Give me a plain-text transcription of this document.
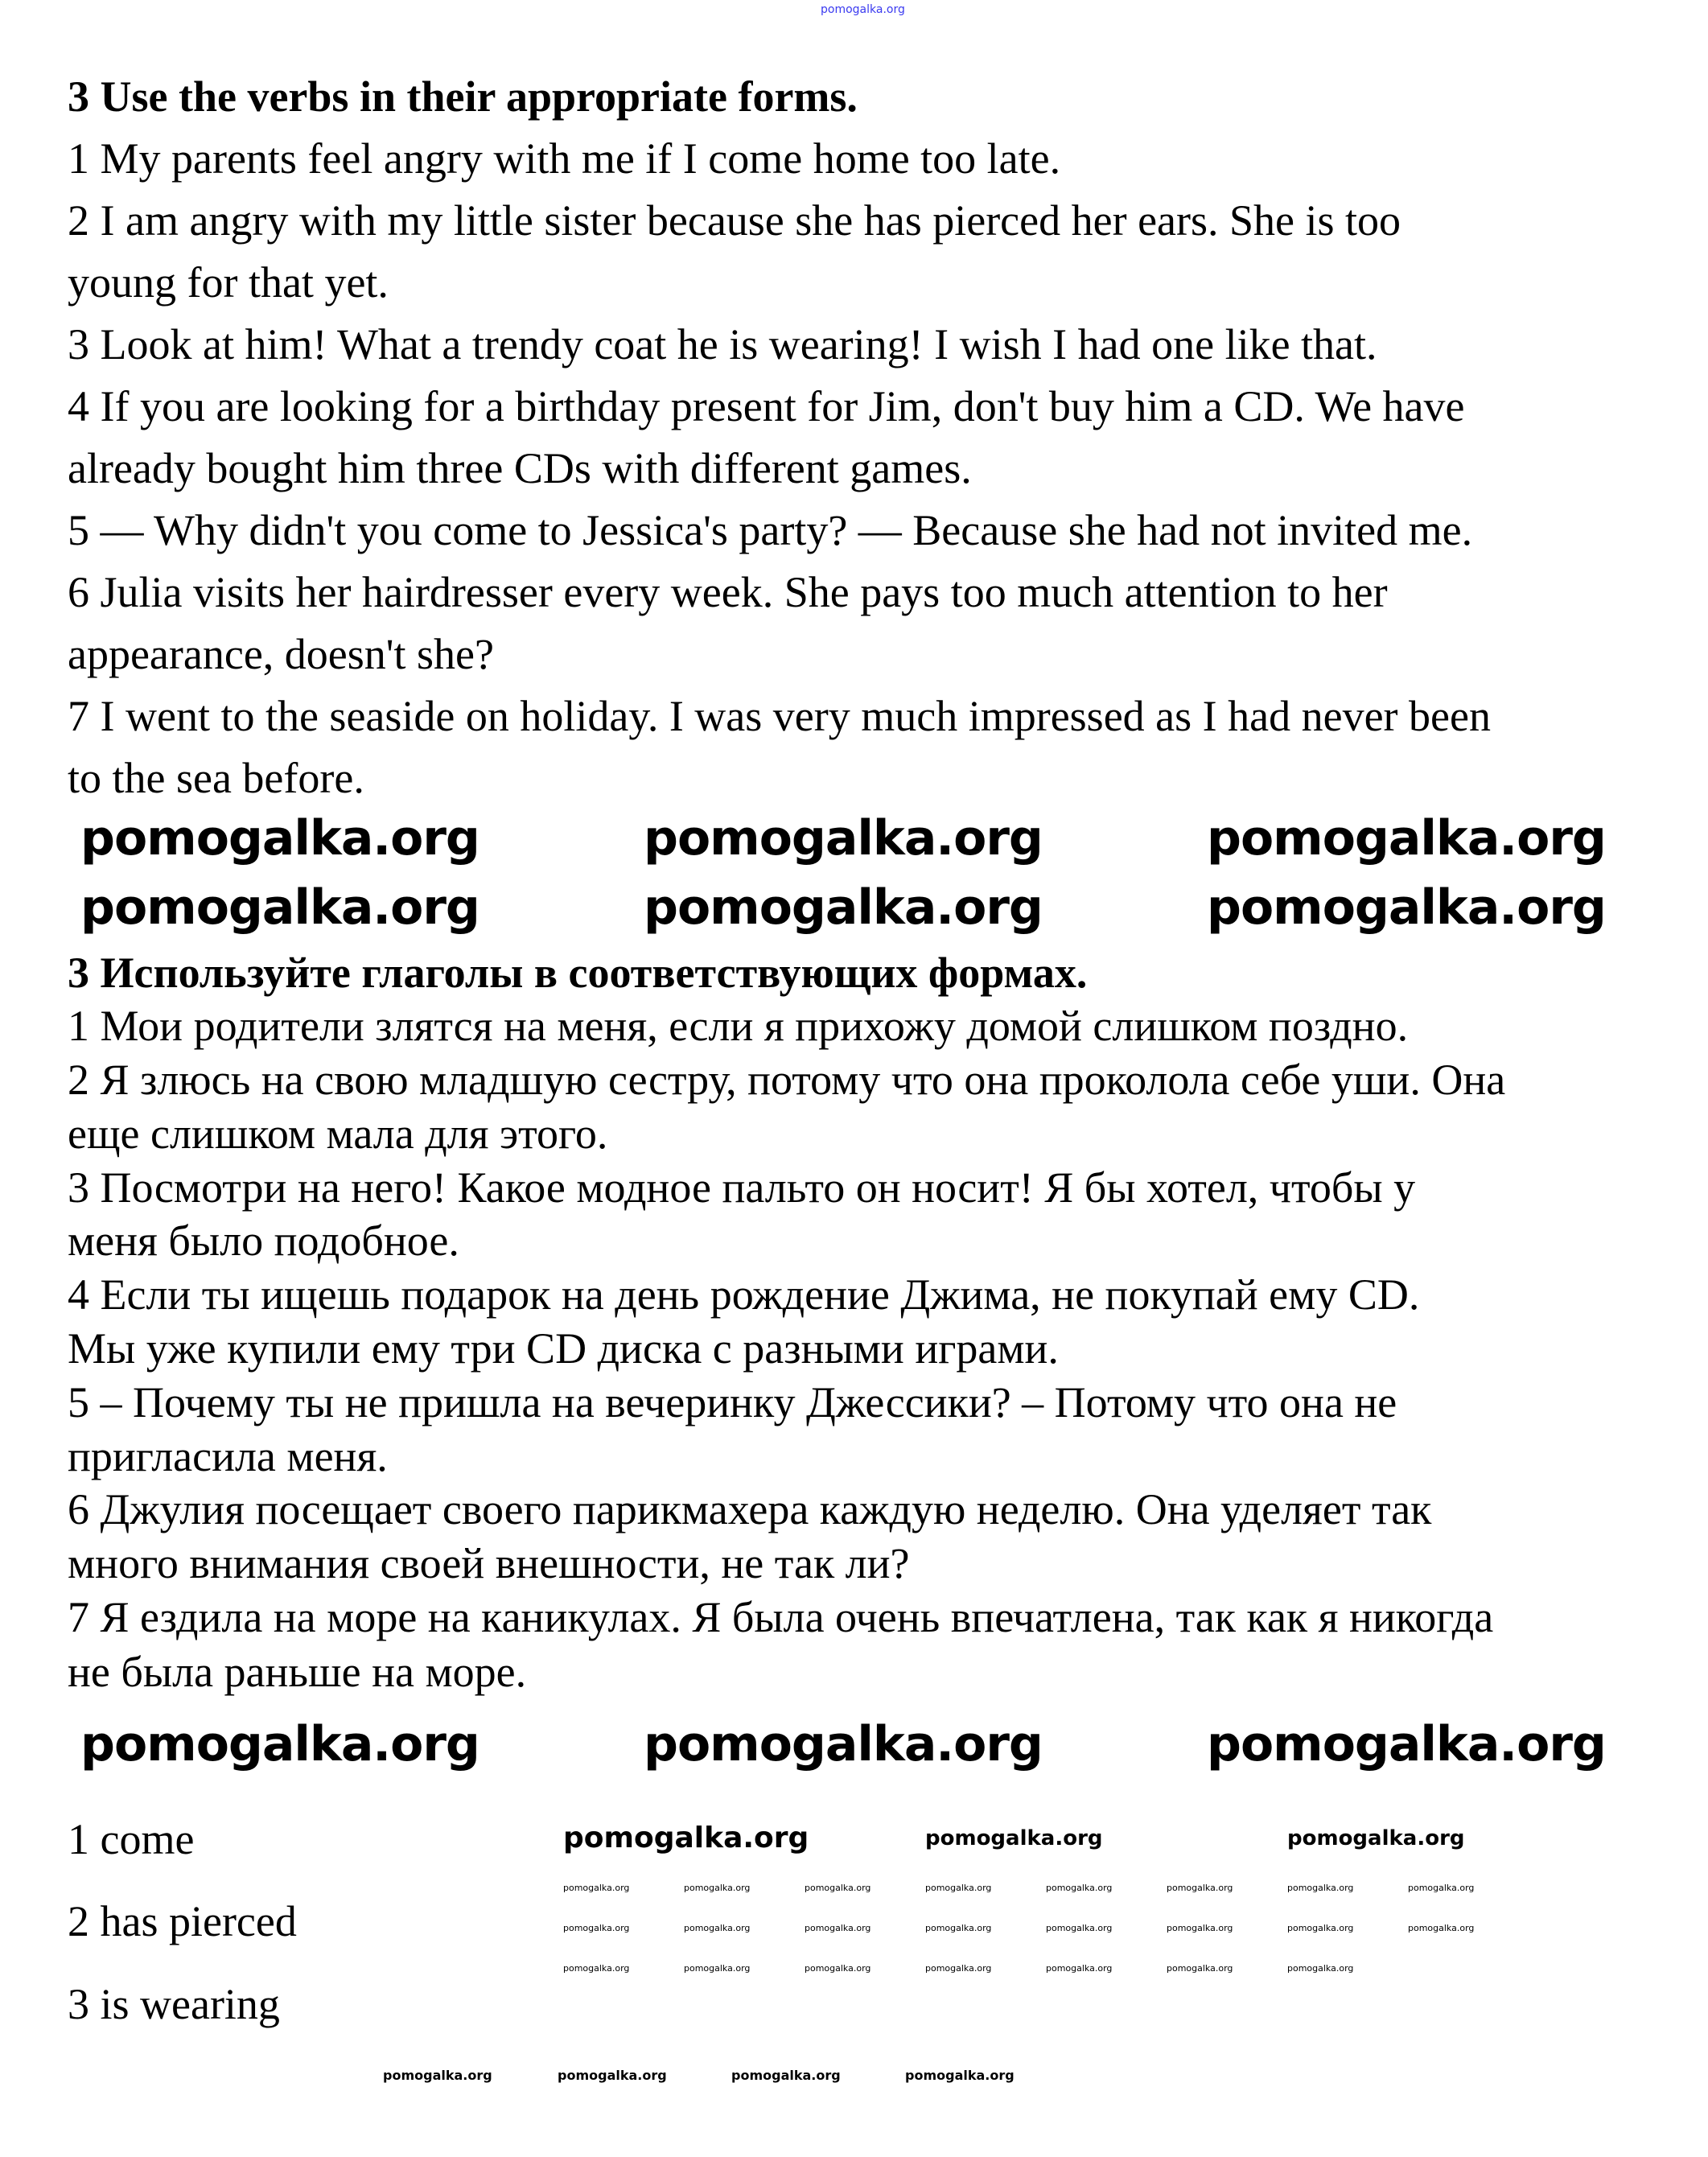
pomogalka.org
3 Use the verbs in their appropriate forms.
1 My parents feel angry with me if I come home too late.
2 I am angry with my little sister because she has pierced her ears. She is too
young for that yet.
3 Look at him! What a trendy coat he is wearing! I wish I had one like that.
4 If you are looking for a birthday present for Jim, don't buy him a CD. We have
already bought him three CDs with different games.
5 — Why didn't you come to Jessica's party? — Because she had not invited me.
6 Julia visits her hairdresser every week. She pays too much attention to her
appearance, doesn't she?
7 I went to the seaside on holiday. I was very much impressed as I had never been
to the sea before.
3 Используйте глаголы в соответствующих формах.
1 Мои родители злятся на меня, если я прихожу домой слишком поздно.
2 Я злюсь на свою младшую сестру, потому что она проколола себе уши. Она
еще слишком мала для этого.
3 Посмотри на него! Какое модное пальто он носит! Я бы хотел, чтобы у
меня было подобное.
4 Если ты ищешь подарок на день рождение Джима, не покупай ему CD.
Мы уже купили ему три CD диска с разными играми.
5 – Почему ты не пришла на вечеринку Джессики? – Потому что она не
пригласила меня.
6 Джулия посещает своего парикмахера каждую неделю. Она уделяет так
много внимания своей внешности, не так ли?
7 Я ездила на море на каникулах. Я была очень впечатлена, так как я никогда
не была раньше на море.
1 come
2 has pierced
3 is wearing
pomogalka.org	pomogalka.org	pomogalka.org
pomogalka.org	pomogalka.org	pomogalka.org
pomogalka.org	pomogalka.org	pomogalka.org
pomogalka.org	pomogalka.org	pomogalka.org
pomogalka.org	pomogalka.org	pomogalka.org	pomogalka.org	pomogalka.org	pomogalka.org	pomogalka.org	pomogalka.org
pomogalka.org	pomogalka.org	pomogalka.org	pomogalka.org	pomogalka.org	pomogalka.org	pomogalka.org	pomogalka.org
pomogalka.org	pomogalka.org	pomogalka.org	pomogalka.org	pomogalka.org	pomogalka.org	pomogalka.org
pomogalka.org	pomogalka.org	pomogalka.org	pomogalka.org
